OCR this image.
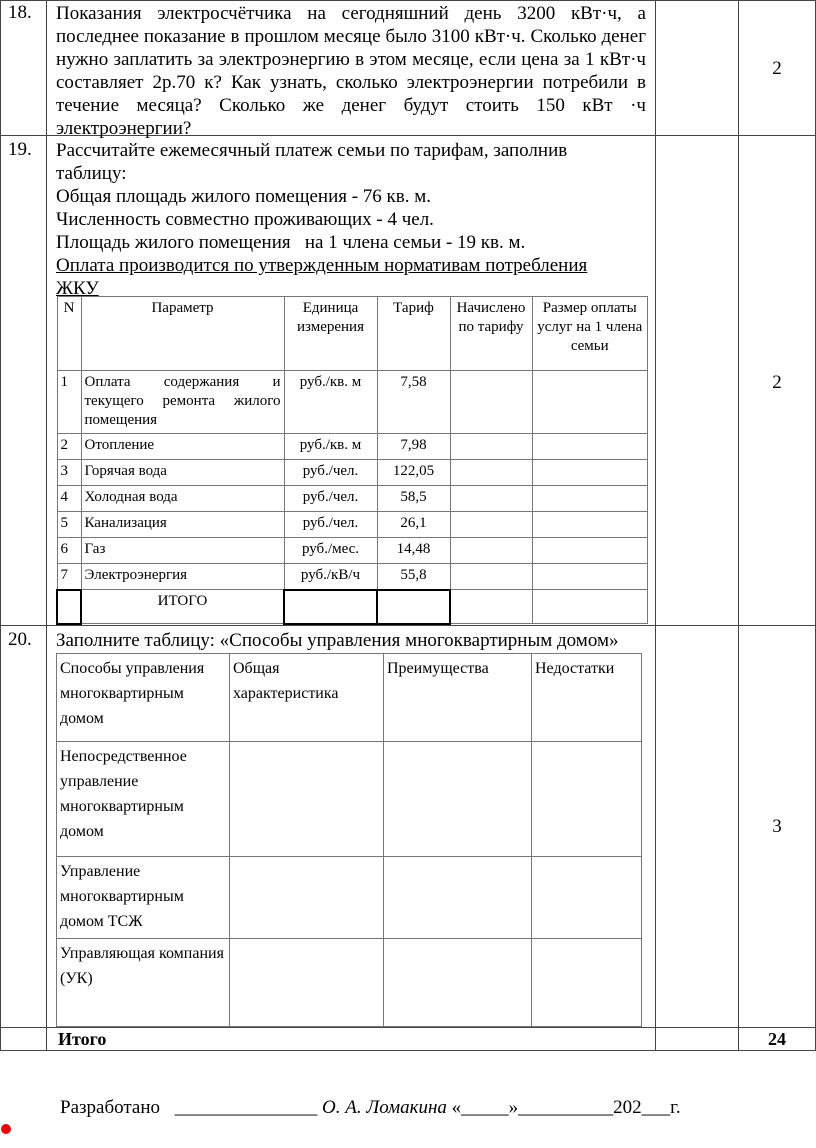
18. Показания электросчётчика на сегодняшний день 3200 кВт·ч, а последнее показание в прошлом месяце было 3100 кВт·ч. Сколько денег нужно заплатить за электроэнергию в этом месяце, если цена за 1 кВт·ч составляет 2р.70 к? Как узнать, сколько электроэнергии потребили в течение месяца? Сколько же денег будут стоить 150 кВт ·ч электроэнергии?
2
19. Рассчитайте ежемесячный платеж семьи по тарифам, заполнив таблицу:
Общая площадь жилого помещения - 76 кв. м.
Численность совместно проживающих - 4 чел.
Площадь жилого помещения   на 1 члена семьи - 19 кв. м.
Оплата производится по утвержденным нормативам потребления ЖКУ
2
N	Параметр	Единица измерения	Тариф	Начислено по тарифу	Размер оплаты услуг на 1 члена семьи
1	Оплата содержания и текущего ремонта жилого помещения	руб./кв. м	7,58		
2	Отопление	руб./кв. м	7,98		
3	Горячая вода	руб./чел.	122,05		
4	Холодная вода	руб./чел.	58,5		
5	Канализация	руб./чел.	26,1		
6	Газ	руб./мес.	14,48		
7	Электроэнергия	руб./кВ/ч	55,8		
	ИТОГО				
20. Заполните таблицу: «Способы управления многоквартирным домом»
3
Способы управления многоквартирным домом	Общая характеристика	Преимущества	Недостатки
Непосредственное управление многоквартирным домом			
Управление многоквартирным домом ТСЖ			
Управляющая компания (УК)			
Итого	24
Разработано _______________ О. А. Ломакина «_____»__________202___г.
